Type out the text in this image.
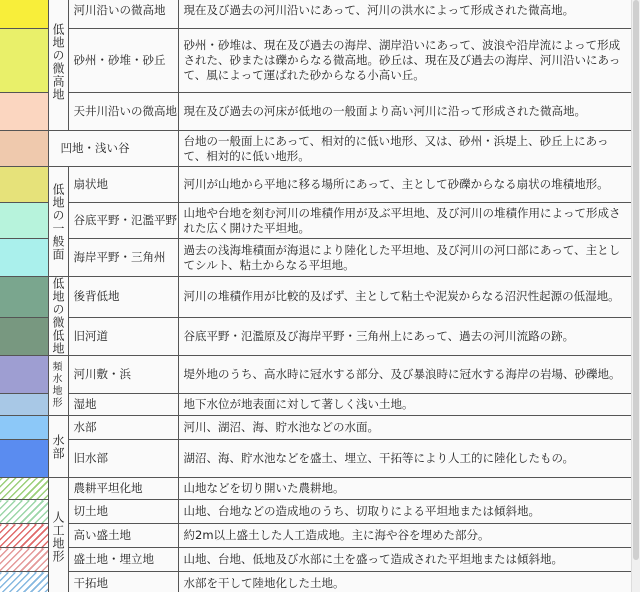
	低地の微高地	河川沿いの微高地	現在及び過去の河川沿いにあって、河川の洪水によって形成された微高地。
		砂州・砂堆・砂丘	砂州・砂堆は、現在及び過去の海岸、湖岸沿いにあって、波浪や沿岸流によって形成された、砂または礫からなる微高地。砂丘は、現在及び過去の海岸、河川沿いにあって、風によって運ばれた砂からなる小高い丘。
		天井川沿いの微高地	現在及び過去の河床が低地の一般面より高い河川に沿って形成された微高地。
	凹地・浅い谷		台地の一般面上にあって、相対的に低い地形、又は、砂州・浜堤上、砂丘上にあって、相対的に低い地形。
	低地の一般面	扇状地	河川が山地から平地に移る場所にあって、主として砂礫からなる扇状の堆積地形。
		谷底平野・氾濫平野	山地や台地を刻む河川の堆積作用が及ぶ平坦地、及び河川の堆積作用によって形成された広く開けた平坦地。
		海岸平野・三角州	過去の浅海堆積面が海退により陸化した平坦地、及び河川の河口部にあって、主としてシルト、粘土からなる平坦地。
	低地の微低地	後背低地	河川の堆積作用が比較的及ばず、主として粘土や泥炭からなる沼沢性起源の低湿地。
		旧河道	谷底平野・氾濫原及び海岸平野・三角州上にあって、過去の河川流路の跡。
	頻水地形	河川敷・浜	堤外地のうち、高水時に冠水する部分、及び暴浪時に冠水する海岸の岩場、砂礫地。
		湿地	地下水位が地表面に対して著しく浅い土地。
	水部	水部	河川、湖沼、海、貯水池などの水面。
		旧水部	湖沼、海、貯水池などを盛土、埋立、干拓等により人工的に陸化したもの。
	人工地形	農耕平坦化地	山地などを切り開いた農耕地。
		切土地	山地、台地などの造成地のうち、切取りによる平坦地または傾斜地。
		高い盛土地	約2m以上盛土した人工造成地。主に海や谷を埋めた部分。
		盛土地・埋立地	山地、台地、低地及び水部に土を盛って造成された平坦地または傾斜地。
		干拓地	水部を干して陸地化した土地。
